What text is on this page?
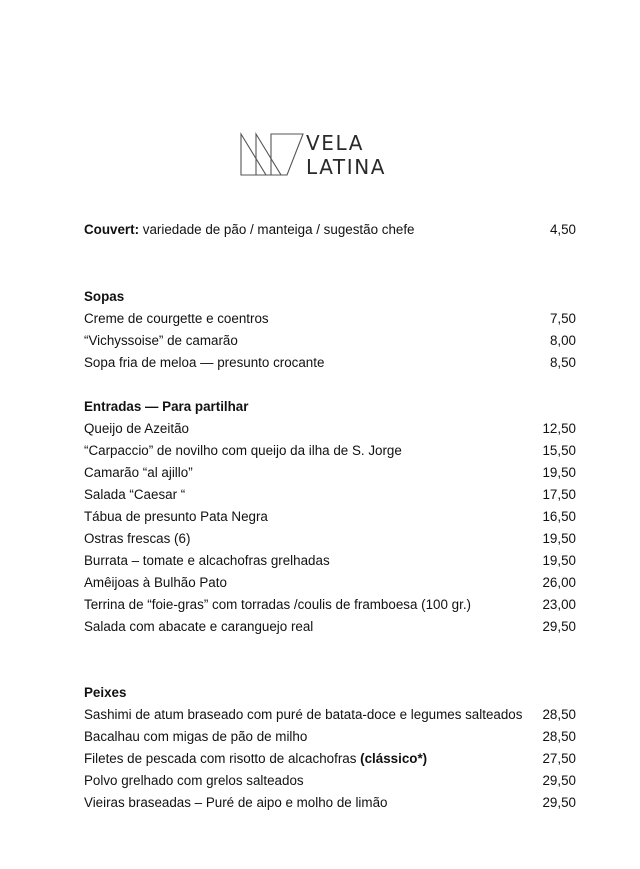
VELA
LATINA
Couvert: variedade de pão / manteiga / sugestão chefe	4,50
Sopas
Creme de courgette e coentros	7,50
“Vichyssoise” de camarão	8,00
Sopa fria de meloa — presunto crocante	8,50
Entradas — Para partilhar
Queijo de Azeitão	12,50
“Carpaccio” de novilho com queijo da ilha de S. Jorge	15,50
Camarão “al ajillo”	19,50
Salada “Caesar “	17,50
Tábua de presunto Pata Negra	16,50
Ostras frescas (6)	19,50
Burrata – tomate e alcachofras grelhadas	19,50
Amêijoas à Bulhão Pato	26,00
Terrina de “foie-gras” com torradas /coulis de framboesa (100 gr.)	23,00
Salada com abacate e caranguejo real	29,50
Peixes
Sashimi de atum braseado com puré de batata-doce e legumes salteados 28,50
Bacalhau com migas de pão de milho	28,50
Filetes de pescada com risotto de alcachofras (clássico*)	27,50
Polvo grelhado com grelos salteados	29,50
Vieiras braseadas – Puré de aipo e molho de limão	29,50
